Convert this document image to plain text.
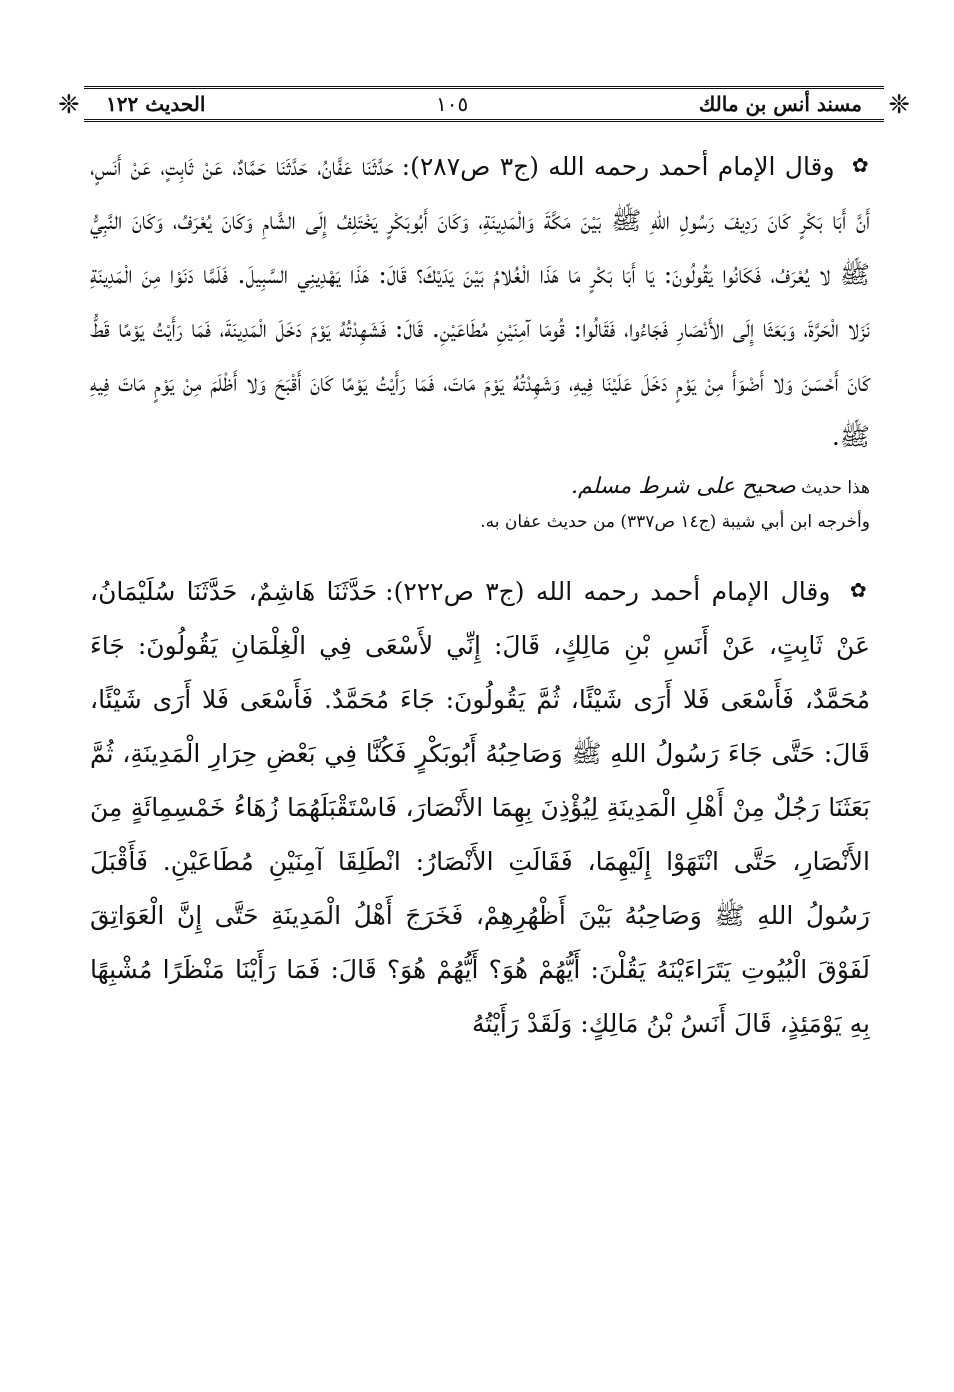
❈ الحديث ١٢٢	١٠٥	مسند أنس بن مالك ❈

✿ وقال الإمام أحمد رحمه الله (ج٣ ص٢٨٧): حَدَّثَنَا عَفَّانُ، حَدَّثَنَا حَمَّادٌ، عَنْ ثَابِتٍ، عَنْ أَنَسٍ، أَنَّ أَبَا بَكْرٍ كَانَ رَدِيفَ رَسُولِ اللهِ ﷺ بَيْنَ مَكَّةَ وَالْمَدِينَةِ، وَكَانَ أَبُوبَكْرٍ يَخْتَلِفُ إِلَى الشَّامِ وَكَانَ يُعْرَفُ، وَكَانَ النَّبِيُّ ﷺ لا يُعْرَفُ، فَكَانُوا يَقُولُونَ: يَا أَبَا بَكْرٍ مَا هَذَا الْغُلامُ بَيْنَ يَدَيْكَ؟ قَالَ: هَذَا يَهْدِينِي السَّبِيلَ. فَلَمَّا دَنَوْا مِنَ الْمَدِينَةِ نَزَلا الْحَرَّةَ، وَبَعَثَا إِلَى الأَنْصَارِ فَجَاءُوا، فَقَالُوا: قُومَا آمِنَيْنِ مُطَاعَيْنِ. قَالَ: فَشَهِدْتُهُ يَوْمَ دَخَلَ الْمَدِينَةَ، فَمَا رَأَيْتُ يَوْمًا قَطُّ كَانَ أَحْسَنَ وَلا أَضْوَأَ مِنْ يَوْمٍ دَخَلَ عَلَيْنَا فِيهِ، وَشَهِدْتُهُ يَوْمَ مَاتَ، فَمَا رَأَيْتُ يَوْمًا كَانَ أَقْبَحَ وَلا أَظْلَمَ مِنْ يَوْمٍ مَاتَ فِيهِ ﷺ.

هذا حديث صحيح على شرط مسلم.

وأخرجه ابن أبي شيبة (ج١٤ ص٣٣٧) من حديث عفان به.

✿ وقال الإمام أحمد رحمه الله (ج٣ ص٢٢٢): حَدَّثَنَا هَاشِمٌ، حَدَّثَنَا سُلَيْمَانُ، عَنْ ثَابِتٍ، عَنْ أَنَسِ بْنِ مَالِكٍ، قَالَ: إِنِّي لأَسْعَى فِي الْغِلْمَانِ يَقُولُونَ: جَاءَ مُحَمَّدٌ، فَأَسْعَى فَلا أَرَى شَيْئًا، ثُمَّ يَقُولُونَ: جَاءَ مُحَمَّدٌ. فَأَسْعَى فَلا أَرَى شَيْئًا، قَالَ: حَتَّى جَاءَ رَسُولُ اللهِ ﷺ وَصَاحِبُهُ أَبُوبَكْرٍ فَكُنَّا فِي بَعْضِ حِرَارِ الْمَدِينَةِ، ثُمَّ بَعَثَنَا رَجُلٌ مِنْ أَهْلِ الْمَدِينَةِ لِيُؤْذِنَ بِهِمَا الأَنْصَارَ، فَاسْتَقْبَلَهُمَا زُهَاءُ خَمْسِمِائَةٍ مِنَ الأَنْصَارِ، حَتَّى انْتَهَوْا إِلَيْهِمَا، فَقَالَتِ الأَنْصَارُ: انْطَلِقَا آمِنَيْنِ مُطَاعَيْنِ. فَأَقْبَلَ رَسُولُ اللهِ ﷺ وَصَاحِبُهُ بَيْنَ أَظْهُرِهِمْ، فَخَرَجَ أَهْلُ الْمَدِينَةِ حَتَّى إِنَّ الْعَوَاتِقَ لَفَوْقَ الْبُيُوتِ يَتَرَاءَيْنَهُ يَقُلْنَ: أَيُّهُمْ هُوَ؟ أَيُّهُمْ هُوَ؟ قَالَ: فَمَا رَأَيْنَا مَنْظَرًا مُشْبِهًا بِهِ يَوْمَئِذٍ، قَالَ أَنَسُ بْنُ مَالِكٍ: وَلَقَدْ رَأَيْتُهُ
